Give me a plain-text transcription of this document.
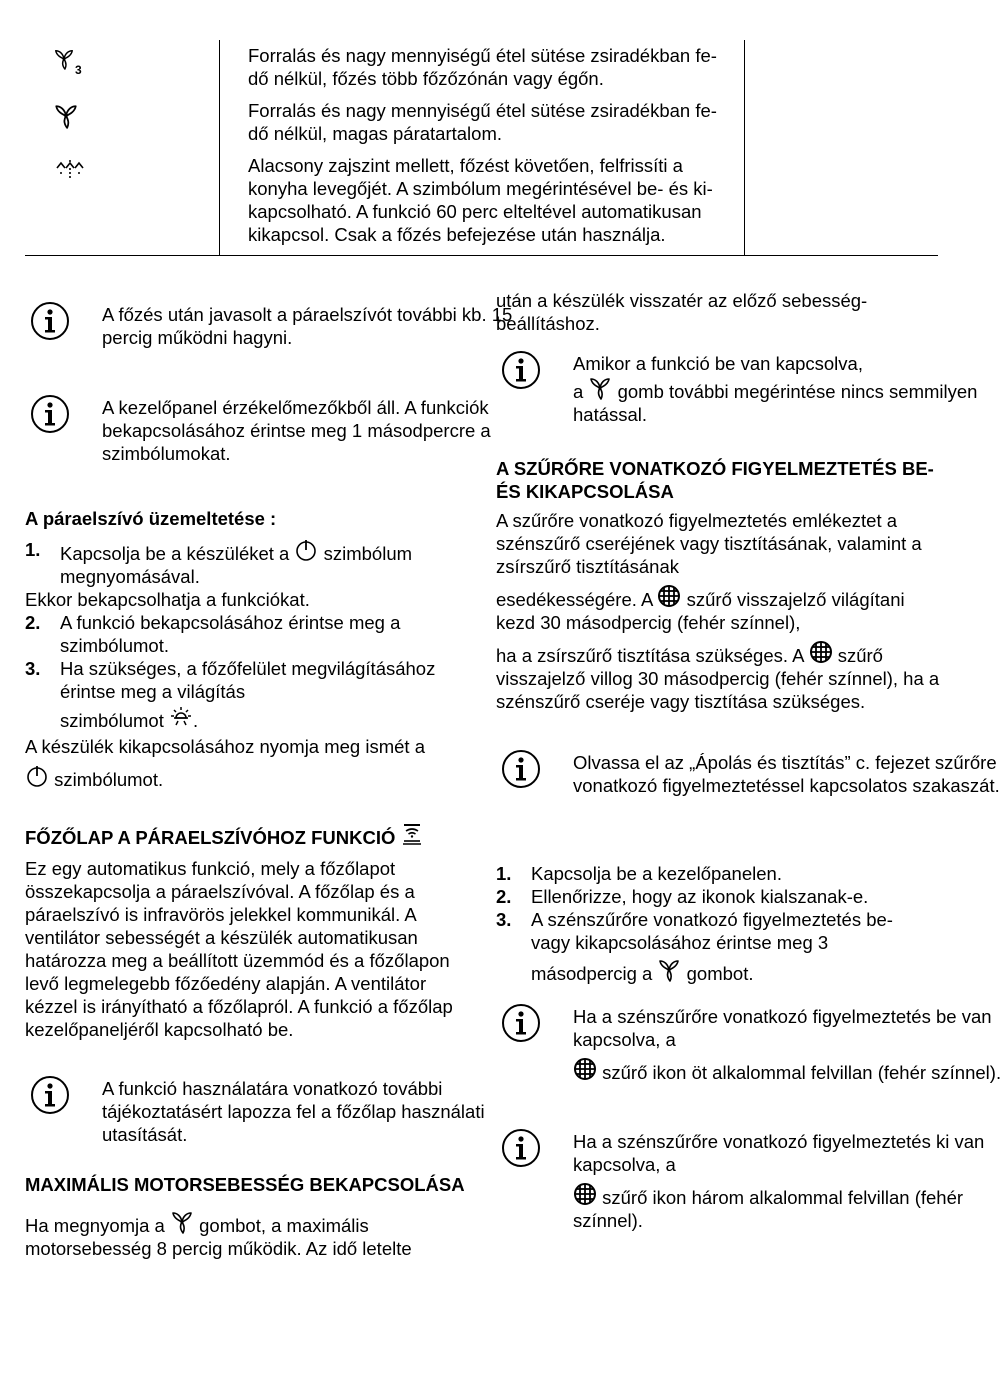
3	Forralás és nagy mennyiségű étel sütése zsiradékban fe-dő nélkül, főzés több főzőzónán vagy égőn.	
	Forralás és nagy mennyiségű étel sütése zsiradékban fe-dő nélkül, magas páratartalom.	
	Alacsony zajszint mellett, főzést követően, felfrissíti a konyha levegőjét. A szimbólum megérintésével be- és ki-kapcsolható. A funkció 60 perc elteltével automatikusan kikapcsol. Csak a főzés befejezése után használja.	

A főzés után javasolt a páraelszívót további kb. 15 percig működni hagyni.

A kezelőpanel érzékelőmezőkből áll. A funkciók bekapcsolásához érintse meg 1 másodpercre a szimbólumokat.

A páraelszívó üzemeltetése :

1. Kapcsolja be a készüléket a szimbólum megnyomásával.

Ekkor bekapcsolhatja a funkciókat.

2. A funkció bekapcsolásához érintse meg a szimbólumot.
3. Ha szükséges, a főzőfelület megvilágításához érintse meg a világítás
szimbólumot .

A készülék kikapcsolásához nyomja meg ismét a
szimbólumot.

FŐZŐLAP A PÁRAELSZÍVÓHOZ FUNKCIÓ

Ez egy automatikus funkció, mely a főzőlapot összekapcsolja a páraelszívóval. A főzőlap és a páraelszívó is infravörös jelekkel kommunikál. A ventilátor sebességét a készülék automatikusan határozza meg a beállított üzemmód és a főzőlapon levő legmelegebb főzőedény alapján. A ventilátor kézzel is irányítható a főzőlapról. A funkció a főzőlap kezelőpaneljéről kapcsolható be.

A funkció használatára vonatkozó további tájékoztatásért lapozza fel a főzőlap használati utasítását.

MAXIMÁLIS MOTORSEBESSÉG BEKAPCSOLÁSA

Ha megnyomja a gombot, a maximális motorsebesség 8 percig működik. Az idő letelte

után a készülék visszatér az előző sebesség-beállításhoz.

Amikor a funkció be van kapcsolva,
a gomb további megérintése nincs semmilyen hatással.

A SZŰRŐRE VONATKOZÓ FIGYELMEZTETÉS BE- ÉS KIKAPCSOLÁSA

A szűrőre vonatkozó figyelmeztetés emlékeztet a szénszűrő cseréjének vagy tisztításának, valamint a zsírszűrő tisztításának

esedékességére. A szűrő visszajelző világítani kezd 30 másodpercig (fehér színnel),

ha a zsírszűrő tisztítása szükséges. A szűrő visszajelző villog 30 másodpercig (fehér színnel), ha a szénszűrő cseréje vagy tisztítása szükséges.

Olvassa el az „Ápolás és tisztítás” c. fejezet szűrőre vonatkozó figyelmeztetéssel kapcsolatos szakaszát.

1. Kapcsolja be a kezelőpanelen.
2. Ellenőrizze, hogy az ikonok kialszanak-e.
3. A szénszűrőre vonatkozó figyelmeztetés be- vagy kikapcsolásához érintse meg 3
másodpercig a gombot.

Ha a szénszűrőre vonatkozó figyelmeztetés be van kapcsolva, a
szűrő ikon öt alkalommal felvillan (fehér színnel).

Ha a szénszűrőre vonatkozó figyelmeztetés ki van kapcsolva, a
szűrő ikon három alkalommal felvillan (fehér színnel).
